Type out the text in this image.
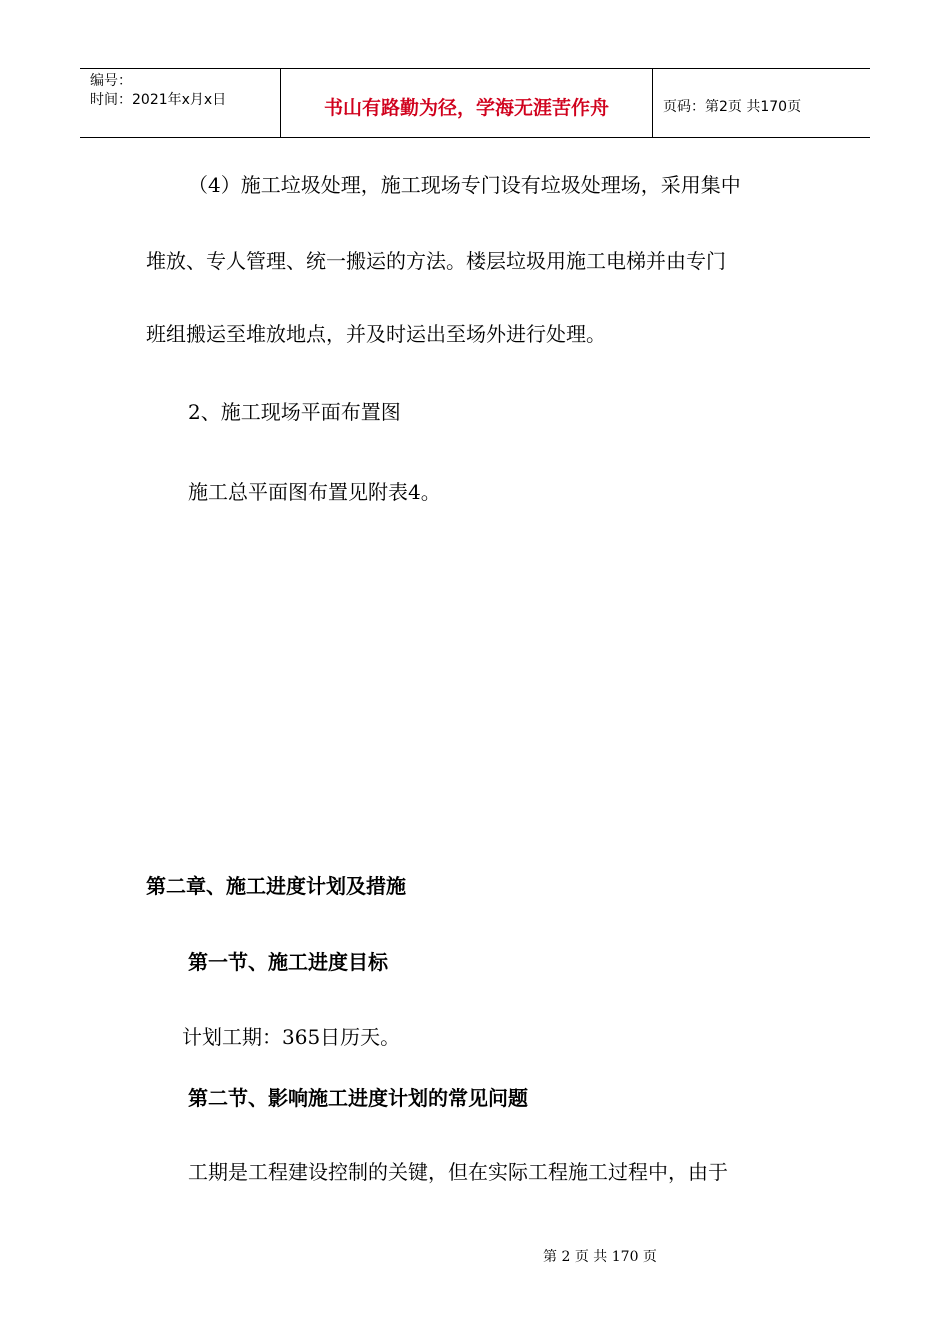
编号：
时间：2021年x月x日	书山有路勤为径，学海无涯苦作舟	页码：第2页 共170页
（4）施工垃圾处理，施工现场专门设有垃圾处理场，采用集中
堆放、专人管理、统一搬运的方法。楼层垃圾用施工电梯并由专门
班组搬运至堆放地点，并及时运出至场外进行处理。
2、施工现场平面布置图
施工总平面图布置见附表4。
第二章、施工进度计划及措施
第一节、施工进度目标
计划工期：365日历天。
第二节、影响施工进度计划的常见问题
工期是工程建设控制的关键，但在实际工程施工过程中，由于
第 2 页 共 170 页
